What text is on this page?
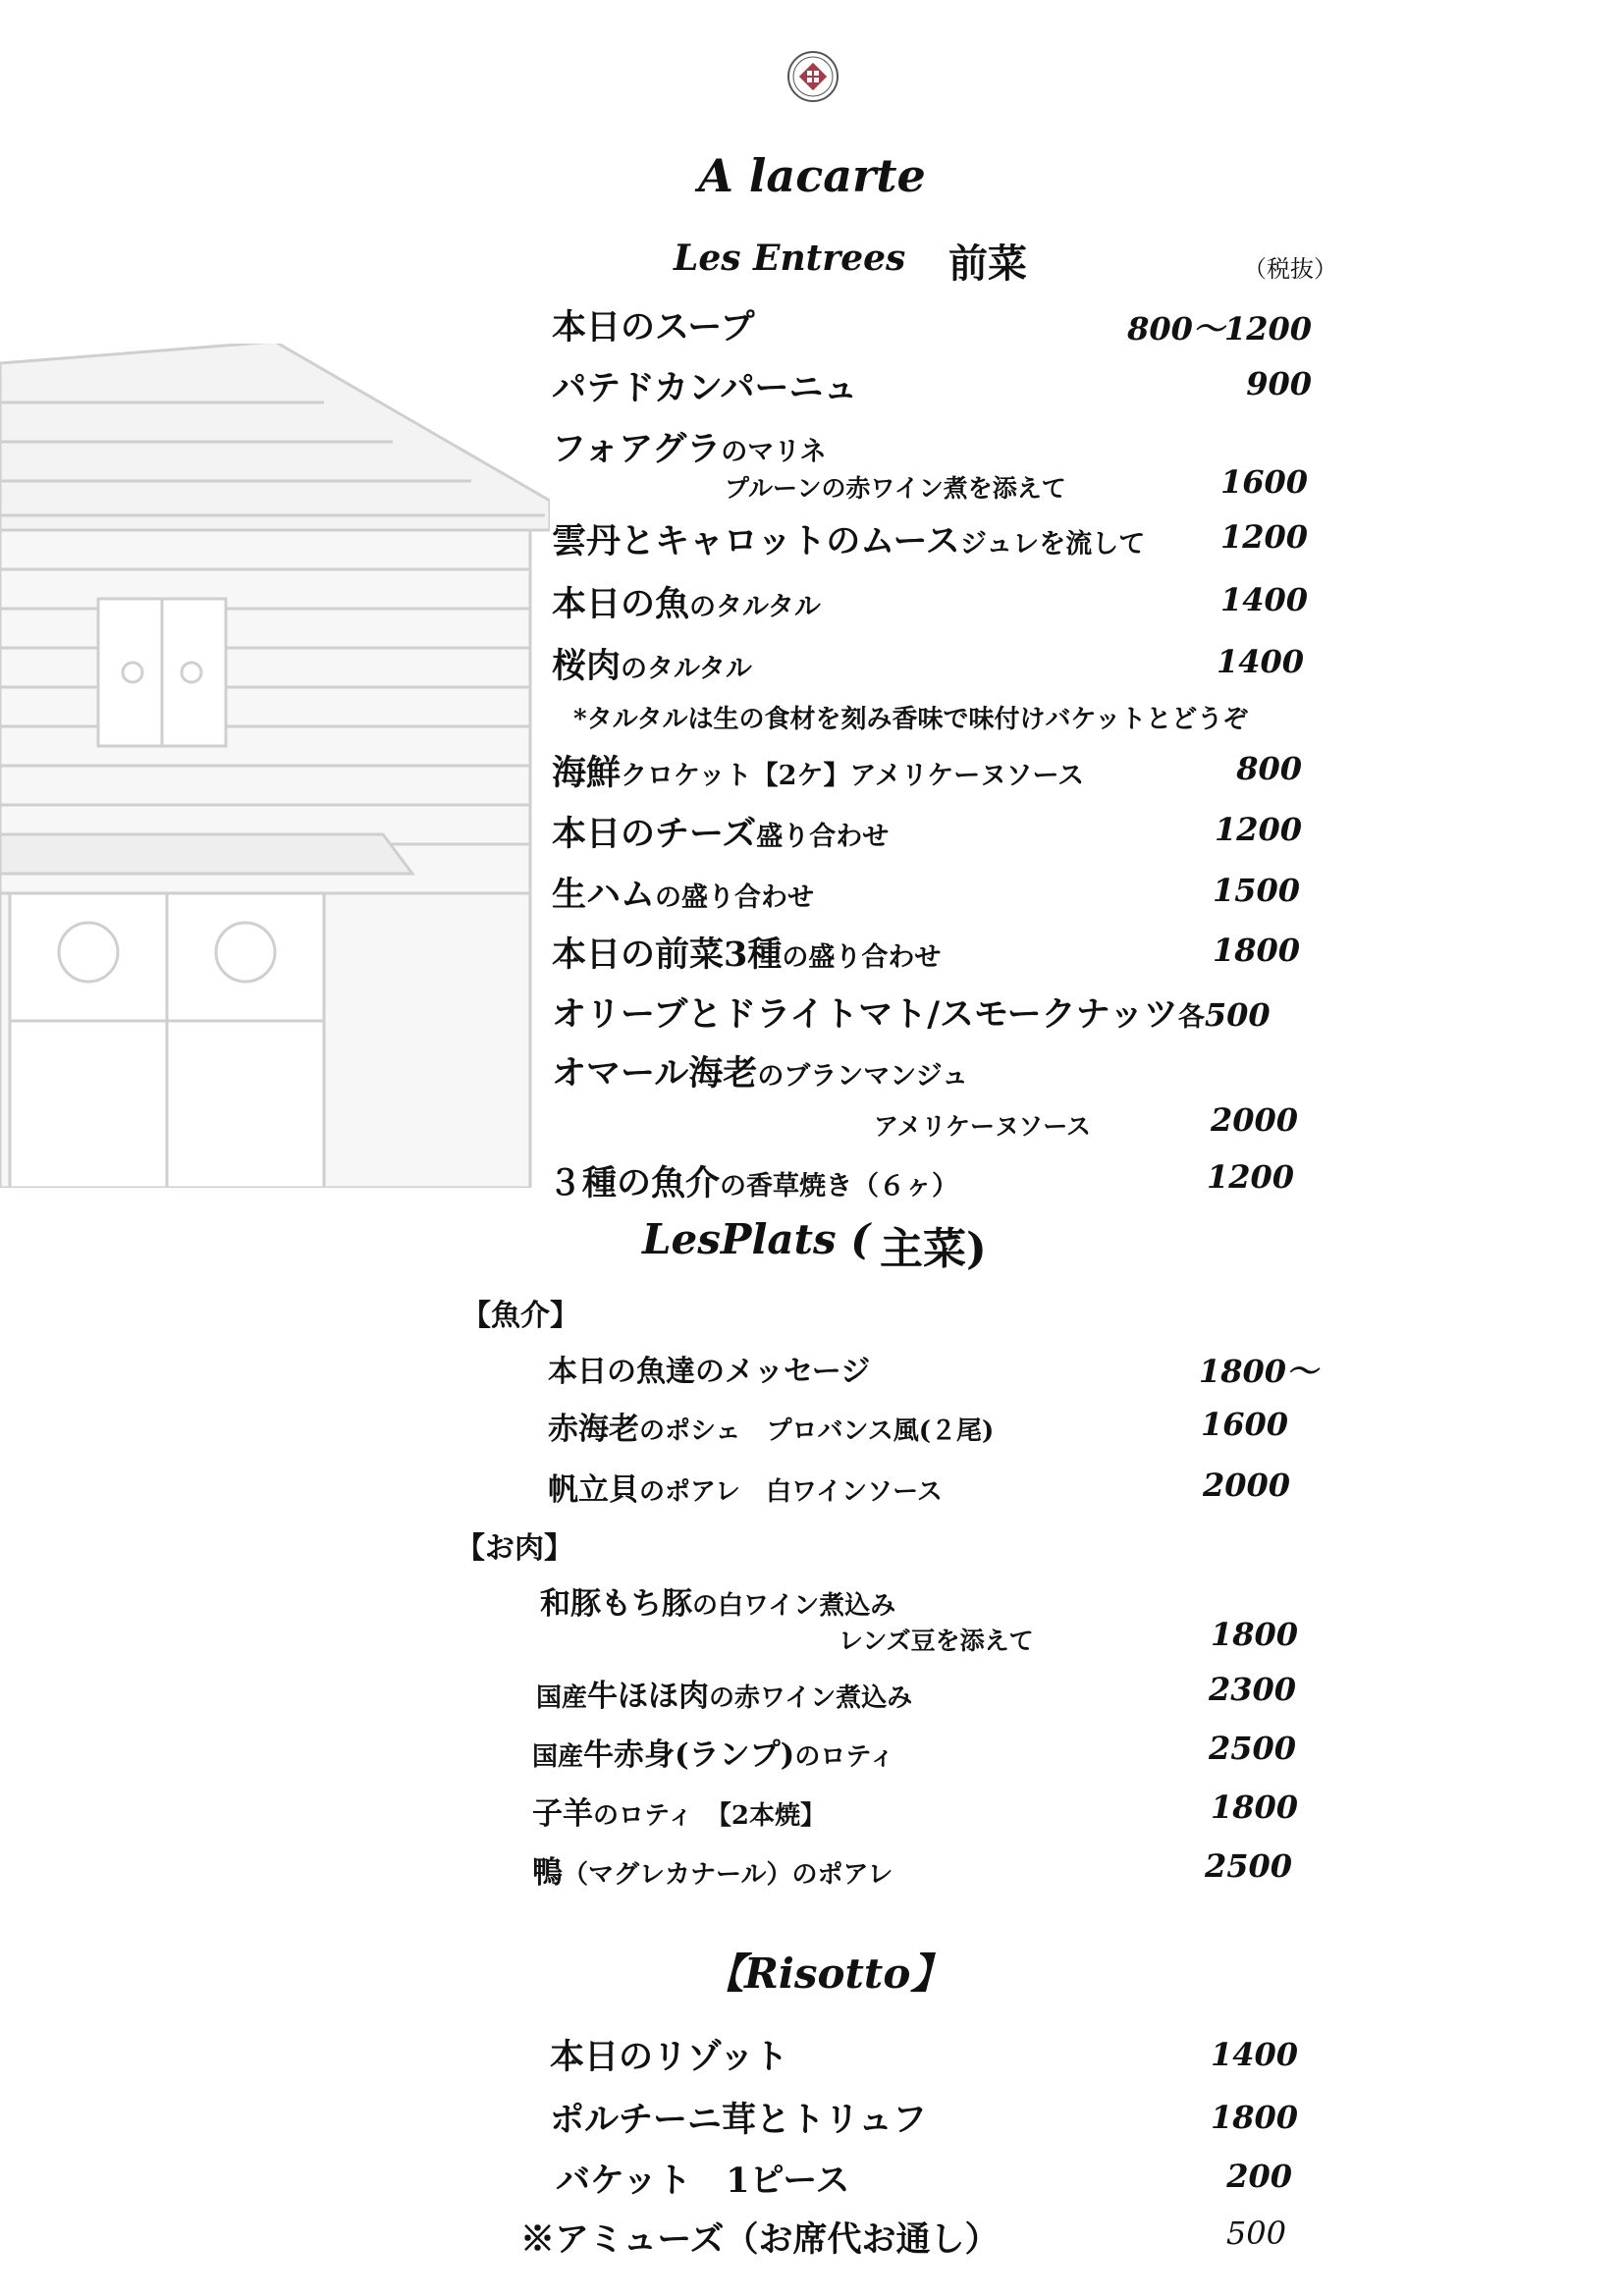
A lacarte
Les Entrees 前菜	（税抜）
本日のスープ	800〜1200
パテドカンパーニュ	900
フォアグラのマリネ
プルーンの赤ワイン煮を添えて	1600
雲丹とキャロットのムースジュレを流して	1200
本日の魚のタルタル	1400
桜肉のタルタル	1400
*タルタルは生の食材を刻み香味で味付けバケットとどうぞ
海鮮クロケット【2ケ】アメリケーヌソース	800
本日のチーズ盛り合わせ	1200
生ハムの盛り合わせ	1500
本日の前菜3種の盛り合わせ	1800
オリーブとドライトマト/スモークナッツ各500
オマール海老のブランマンジュ
アメリケーヌソース	2000
３種の魚介の香草焼き（６ヶ）	1200
LesPlats ( 主菜)
【魚介】
本日の魚達のメッセージ	1800〜
赤海老のポシェ　プロバンス風(２尾)	1600
帆立貝のポアレ　白ワインソース	2000
【お肉】
和豚もち豚の白ワイン煮込み
レンズ豆を添えて	1800
国産牛ほほ肉の赤ワイン煮込み	2300
国産牛赤身(ランプ)のロティ	2500
子羊のロティ　【2本焼】	1800
鴨（マグレカナール）のポアレ	2500
【Risotto】
本日のリゾット	1400
ポルチーニ茸とトリュフ	1800
バケット　1ピース	200
※アミューズ（お席代お通し）	500
